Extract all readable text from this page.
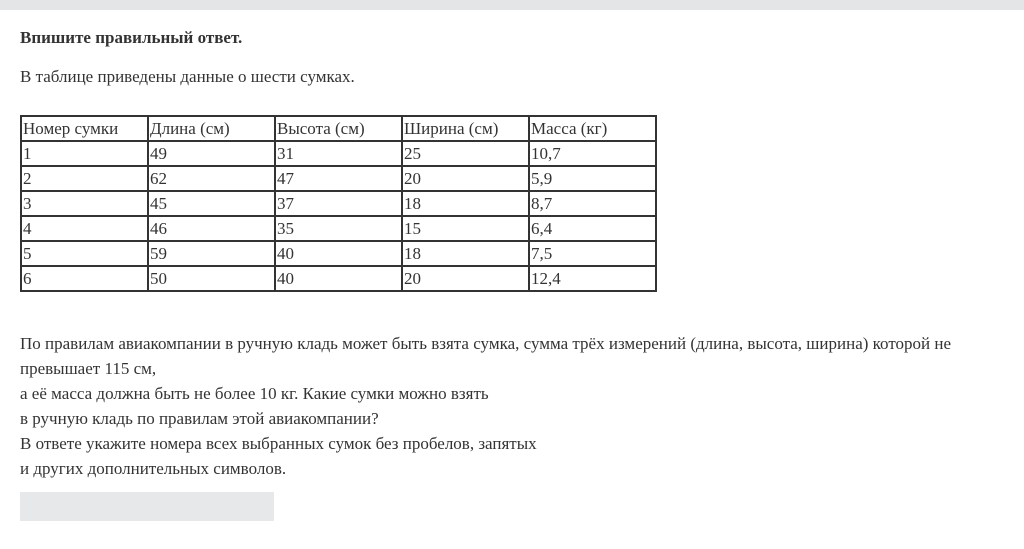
Впишите правильный ответ.
В таблице приведены данные о шести сумках.
Номер сумки	Длина (см)	Высота (см)	Ширина (см)	Масса (кг)
1	49	31	25	10,7
2	62	47	20	5,9
3	45	37	18	8,7
4	46	35	15	6,4
5	59	40	18	7,5
6	50	40	20	12,4

По правилам авиакомпании в ручную кладь может быть взята сумка, сумма трёх измерений (длина, высота, ширина) которой не превышает 115 см,

а её масса должна быть не более 10 кг. Какие сумки можно взять

в ручную кладь по правилам этой авиакомпании?

В ответе укажите номера всех выбранных сумок без пробелов, запятых

и других дополнительных символов.
